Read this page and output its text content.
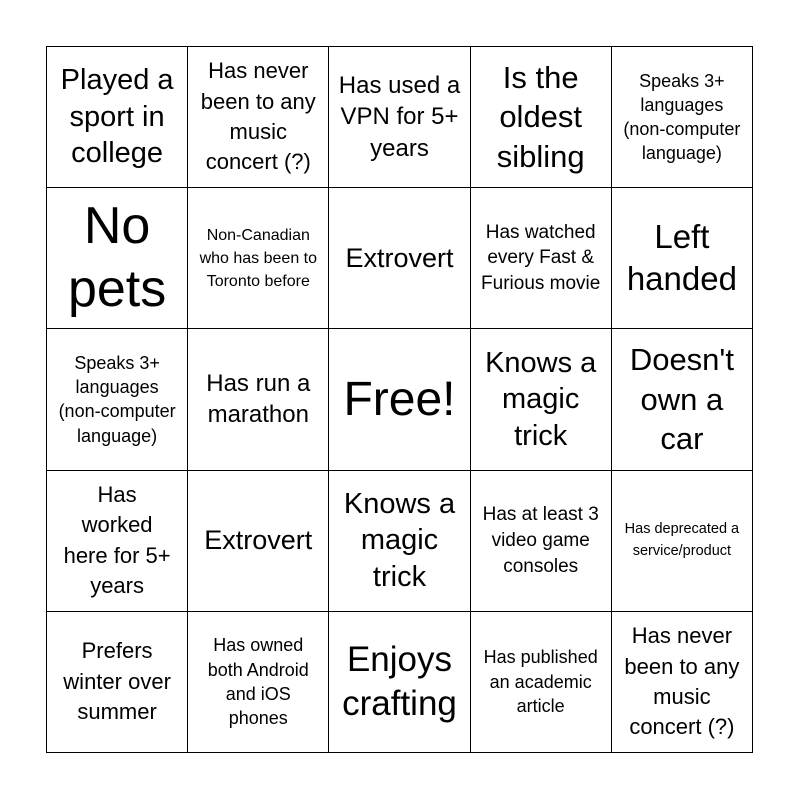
Played a sport in college
Has never been to any music concert (?)
Has used a VPN for 5+ years
Is the oldest sibling
Speaks 3+ languages (non-computer language)
No pets
Non-Canadian who has been to Toronto before
Extrovert
Has watched every Fast & Furious movie
Left handed
Speaks 3+ languages (non-computer language)
Has run a marathon Free!
Knows a magic trick
Doesn't own a car
Has worked here for 5+ years
Extrovert
Knows a magic trick
Has at least 3 video game consoles
Has deprecated a service/product
Prefers winter over summer
Has owned both Android and iOS phones
Enjoys crafting
Has published an academic article
Has never been to any music concert (?)
